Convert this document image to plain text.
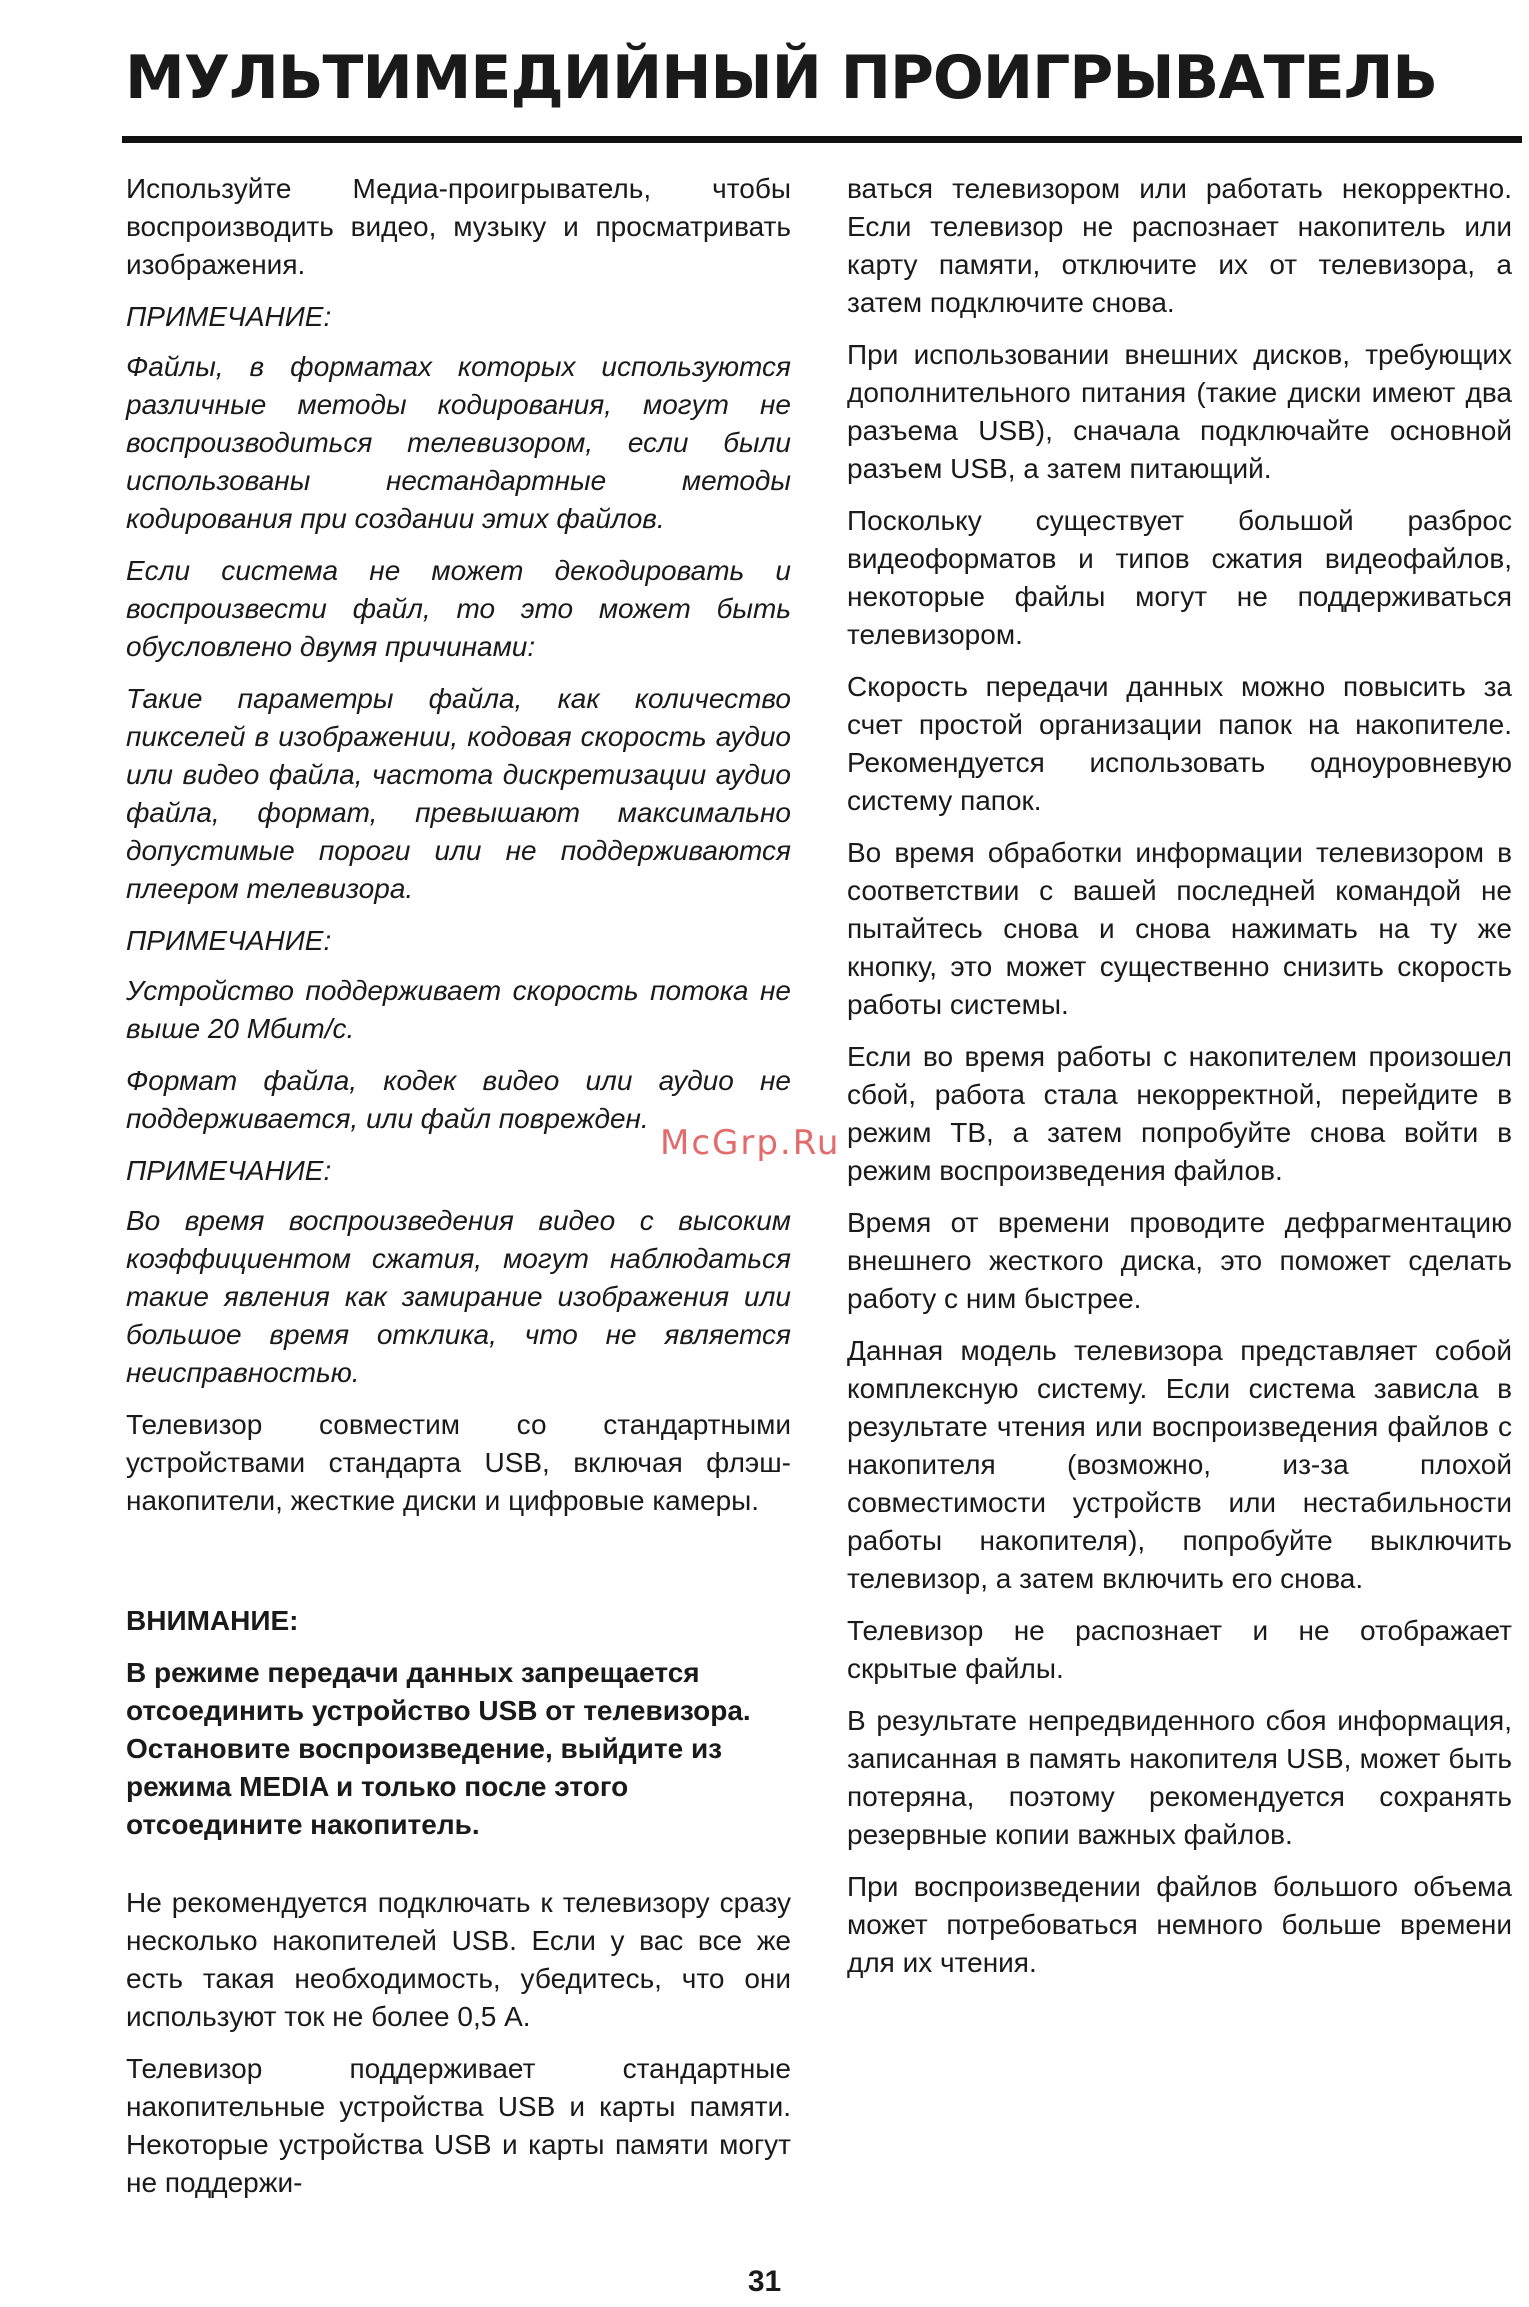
МУЛЬТИМЕДИЙНЫЙ ПРОИГРЫВАТЕЛЬ

Используйте Медиа-проигрыватель, чтобы воспроизводить видео, музыку и просматривать изображения.

ПРИМЕЧАНИЕ:

Файлы, в форматах которых используются различные методы кодирования, могут не воспроизводиться телевизором, если были использованы нестандартные методы кодирования при создании этих файлов.

Если система не может декодировать и воспроизвести файл, то это может быть обусловлено двумя причинами:

Такие параметры файла, как количество пикселей в изображении, кодовая скорость аудио или видео файла, частота дискретизации аудио файла, формат, превышают максимально допустимые пороги или не поддерживаются плеером телевизора.

ПРИМЕЧАНИЕ:

Устройство поддерживает скорость потока не выше 20 Мбит/с.

Формат файла, кодек видео или аудио не поддерживается, или файл поврежден.

ПРИМЕЧАНИЕ:

Во время воспроизведения видео с высоким коэффициентом сжатия, могут наблюдаться такие явления как замирание изображения или большое время отклика, что не является неисправностью.

Телевизор совместим со стандартными устройствами стандарта USB, включая флэш-накопители, жесткие диски и цифровые камеры.

ВНИМАНИЕ:

В режиме передачи данных запрещается отсоединить устройство USB от телевизора. Остановите воспроизведение, выйдите из режима MEDIA и только после этого отсоедините накопитель.

Не рекомендуется подключать к телевизору сразу несколько накопителей USB. Если у вас все же есть такая необходимость, убедитесь, что они используют ток не более 0,5 А.

Телевизор поддерживает стандартные накопительные устройства USB и карты памяти. Некоторые устройства USB и карты памяти могут не поддержи-

ваться телевизором или работать некорректно. Если телевизор не распознает накопитель или карту памяти, отключите их от телевизора, а затем подключите снова.

При использовании внешних дисков, требующих дополнительного питания (такие диски имеют два разъема USB), сначала подключайте основной разъем USB, а затем питающий.

Поскольку существует большой разброс видеоформатов и типов сжатия видеофайлов, некоторые файлы могут не поддерживаться телевизором.

Скорость передачи данных можно повысить за счет простой организации папок на накопителе. Рекомендуется использовать одноуровневую систему папок.

Во время обработки информации телевизором в соответствии с вашей последней командой не пытайтесь снова и снова нажимать на ту же кнопку, это может существенно снизить скорость работы системы.

Если во время работы с накопителем произошел сбой, работа стала некорректной, перейдите в режим ТВ, а затем попробуйте снова войти в режим воспроизведения файлов.

Время от времени проводите дефрагментацию внешнего жесткого диска, это поможет сделать работу с ним быстрее.

Данная модель телевизора представляет собой комплексную систему. Если система зависла в результате чтения или воспроизведения файлов с накопителя (возможно, из-за плохой совместимости устройств или нестабильности работы накопителя), попробуйте выключить телевизор, а затем включить его снова.

Телевизор не распознает и не отображает скрытые файлы.

В результате непредвиденного сбоя информация, записанная в память накопителя USB, может быть потеряна, поэтому рекомендуется сохранять резервные копии важных файлов.

При воспроизведении файлов большого объема может потребоваться немного больше времени для их чтения.

McGrp.Ru
31
